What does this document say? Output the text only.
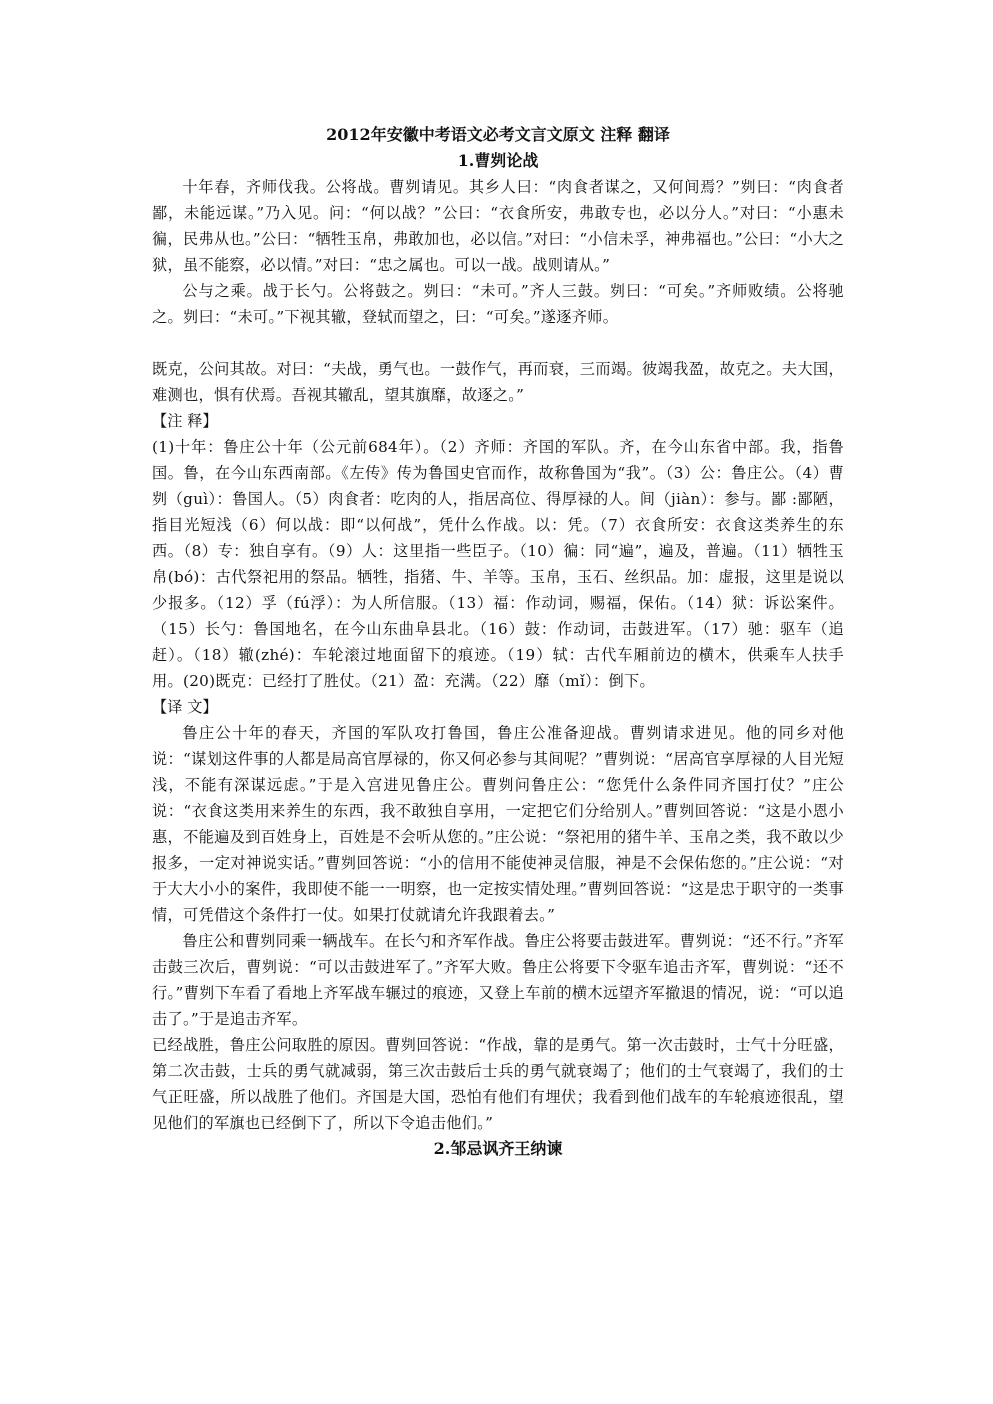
2012年安徽中考语文必考文言文原文 注释 翻译
1.曹刿论战

十年春，齐师伐我。公将战。曹刿请见。其乡人曰：“肉食者谋之，又何间焉？”刿曰：“肉食者鄙，未能远谋。”乃入见。问：“何以战？”公曰：“衣食所安，弗敢专也，必以分人。”对曰：“小惠未徧，民弗从也。”公曰：“牺牲玉帛，弗敢加也，必以信。”对曰：“小信未孚，神弗福也。”公曰：“小大之狱，虽不能察，必以情。”对曰：“忠之属也。可以一战。战则请从。”

公与之乘。战于长勺。公将鼓之。刿曰：“未可。”齐人三鼓。刿曰：“可矣。”齐师败绩。公将驰之。刿曰：“未可。”下视其辙，登轼而望之，曰：“可矣。”遂逐齐师。

既克，公问其故。对曰：“夫战，勇气也。一鼓作气，再而衰，三而竭。彼竭我盈，故克之。夫大国，难测也，惧有伏焉。吾视其辙乱，望其旗靡，故逐之。”

【注 释】

(1)十年：鲁庄公十年（公元前684年）。（2）齐师：齐国的军队。齐，在今山东省中部。我，指鲁国。鲁，在今山东西南部。《左传》传为鲁国史官而作，故称鲁国为“我”。（3）公：鲁庄公。（4）曹刿（guì）：鲁国人。（5）肉食者：吃肉的人，指居高位、得厚禄的人。间（jiàn）：参与。鄙 :鄙陋，指目光短浅（6）何以战：即“以何战”，凭什么作战。以：凭。（7）衣食所安：衣食这类养生的东西。（8）专：独自享有。（9）人：这里指一些臣子。（10）徧：同“遍”，遍及，普遍。（11）牺牲玉帛(bó)：古代祭祀用的祭品。牺牲，指猪、牛、羊等。玉帛，玉石、丝织品。加：虚报，这里是说以少报多。（12）孚（fú浮）：为人所信服。（13）福：作动词，赐福，保佑。（14）狱：诉讼案件。（15）长勺：鲁国地名，在今山东曲阜县北。（16）鼓：作动词，击鼓进军。（17）驰：驱车（追赶）。（18）辙(zhé)：车轮滚过地面留下的痕迹。（19）轼：古代车厢前边的横木，供乘车人扶手用。(20)既克：已经打了胜仗。（21）盈：充满。（22）靡（mǐ）：倒下。

【译 文】

鲁庄公十年的春天，齐国的军队攻打鲁国，鲁庄公准备迎战。曹刿请求进见。他的同乡对他说：“谋划这件事的人都是局高官厚禄的，你又何必参与其间呢？”曹刿说：“居高官享厚禄的人目光短浅，不能有深谋远虑。”于是入宫进见鲁庄公。曹刿问鲁庄公：“您凭什么条件同齐国打仗？”庄公说：“衣食这类用来养生的东西，我不敢独自享用，一定把它们分给别人。”曹刿回答说：“这是小恩小惠，不能遍及到百姓身上，百姓是不会听从您的。”庄公说：“祭祀用的猪牛羊、玉帛之类，我不敢以少报多，一定对神说实话。”曹刿回答说：“小的信用不能使神灵信服，神是不会保佑您的。”庄公说：“对于大大小小的案件，我即使不能一一明察，也一定按实情处理。”曹刿回答说：“这是忠于职守的一类事情，可凭借这个条件打一仗。如果打仗就请允许我跟着去。”

鲁庄公和曹刿同乘一辆战车。在长勺和齐军作战。鲁庄公将要击鼓进军。曹刿说：“还不行。”齐军击鼓三次后，曹刿说：“可以击鼓进军了。”齐军大败。鲁庄公将要下令驱车追击齐军，曹刿说：“还不行。”曹刿下车看了看地上齐军战车辗过的痕迹，又登上车前的横木远望齐军撤退的情况，说：“可以追击了。”于是追击齐军。

已经战胜，鲁庄公问取胜的原因。曹刿回答说：“作战，靠的是勇气。第一次击鼓时，士气十分旺盛，第二次击鼓，士兵的勇气就减弱，第三次击鼓后士兵的勇气就衰竭了；他们的士气衰竭了，我们的士气正旺盛，所以战胜了他们。齐国是大国，恐怕有他们有埋伏；我看到他们战车的车轮痕迹很乱，望见他们的军旗也已经倒下了，所以下令追击他们。”

2.邹忌讽齐王纳谏
